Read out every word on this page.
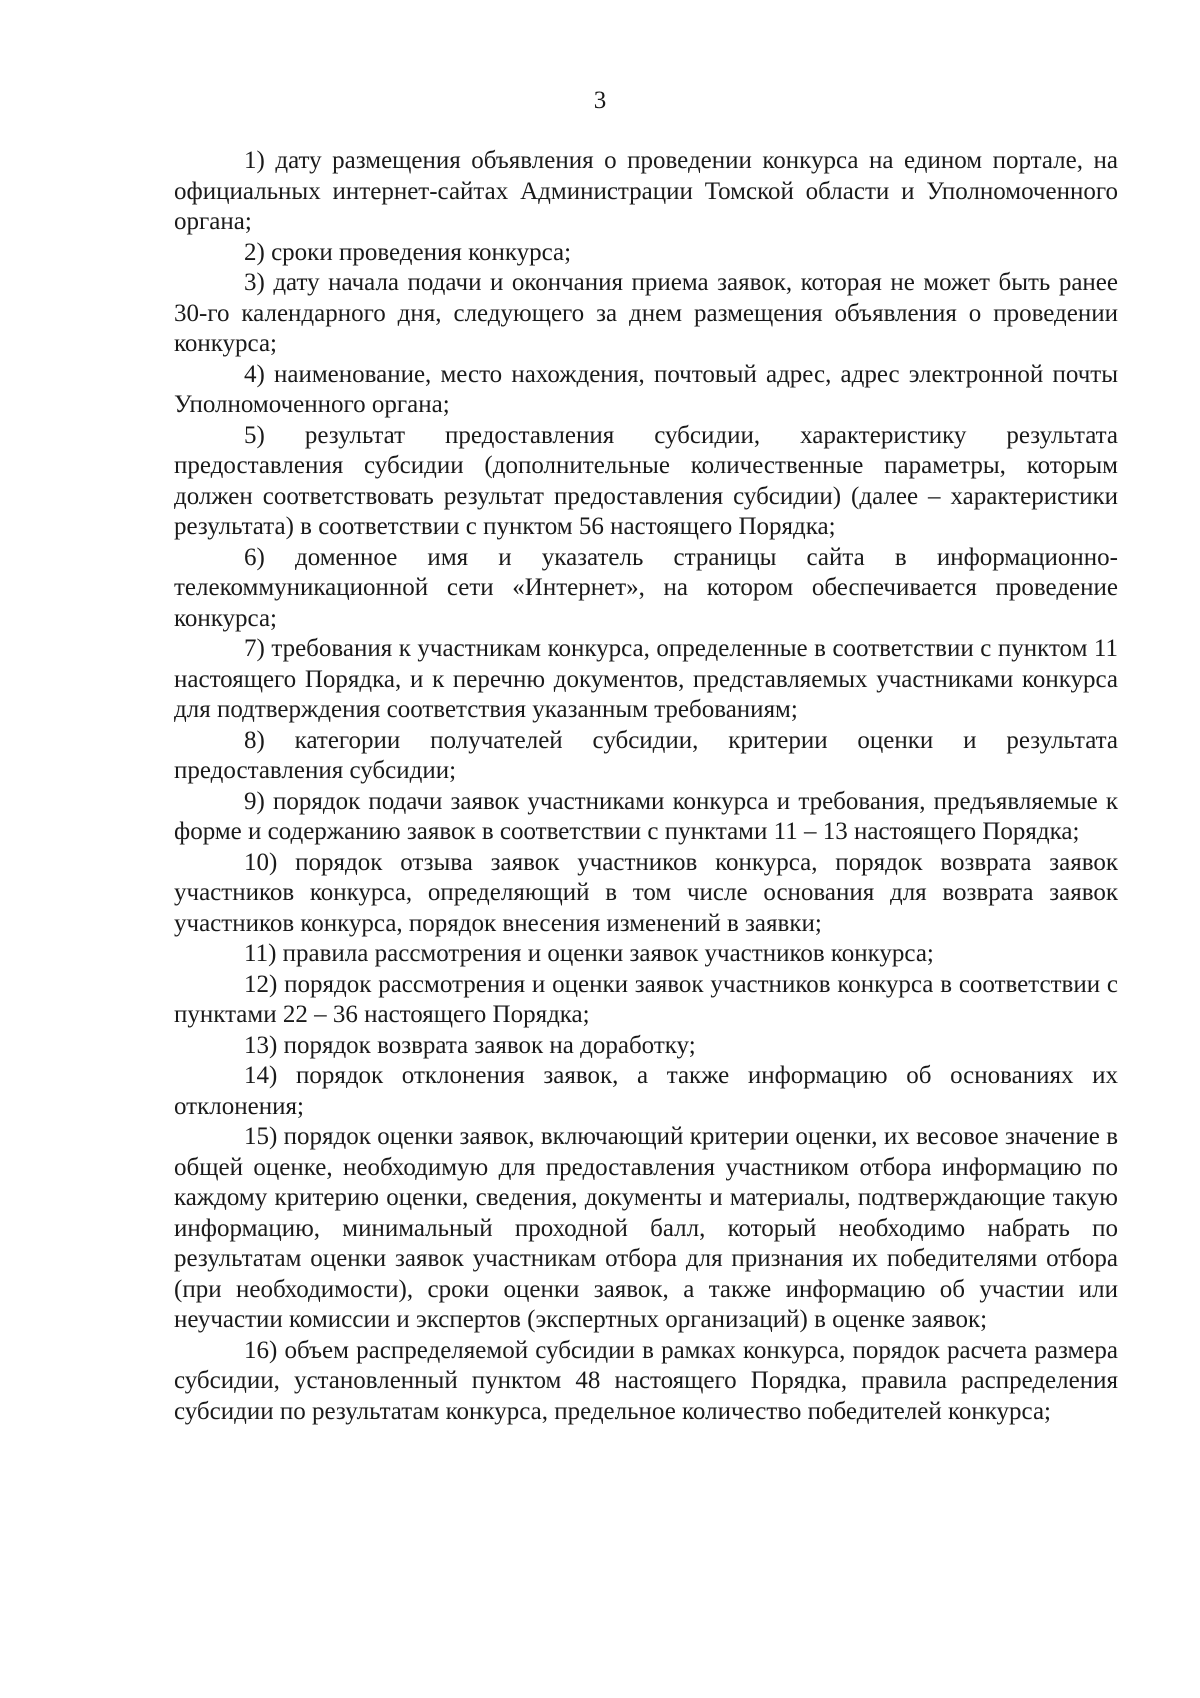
3

1) дату размещения объявления о проведении конкурса на едином портале, на официальных интернет-сайтах Администрации Томской области и Уполномоченного органа;

2) сроки проведения конкурса;

3) дату начала подачи и окончания приема заявок, которая не может быть ранее 30-го календарного дня, следующего за днем размещения объявления о проведении конкурса;

4) наименование, место нахождения, почтовый адрес, адрес электронной почты Уполномоченного органа;

5) результат предоставления субсидии, характеристику результата предоставления субсидии (дополнительные количественные параметры, которым должен соответствовать результат предоставления субсидии) (далее – характеристики результата) в соответствии с пунктом 56 настоящего Порядка;

6) доменное имя и указатель страницы сайта в информационно-телекоммуникационной сети «Интернет», на котором обеспечивается проведение конкурса;

7) требования к участникам конкурса, определенные в соответствии с пунктом 11 настоящего Порядка, и к перечню документов, представляемых участниками конкурса для подтверждения соответствия указанным требованиям;

8) категории получателей субсидии, критерии оценки и результата предоставления субсидии;

9) порядок подачи заявок участниками конкурса и требования, предъявляемые к форме и содержанию заявок в соответствии с пунктами 11 – 13 настоящего Порядка;

10) порядок отзыва заявок участников конкурса, порядок возврата заявок участников конкурса, определяющий в том числе основания для возврата заявок участников конкурса, порядок внесения изменений в заявки;

11) правила рассмотрения и оценки заявок участников конкурса;

12) порядок рассмотрения и оценки заявок участников конкурса в соответствии с пунктами 22 – 36 настоящего Порядка;

13) порядок возврата заявок на доработку;

14) порядок отклонения заявок, а также информацию об основаниях их отклонения;

15) порядок оценки заявок, включающий критерии оценки, их весовое значение в общей оценке, необходимую для предоставления участником отбора информацию по каждому критерию оценки, сведения, документы и материалы, подтверждающие такую информацию, минимальный проходной балл, который необходимо набрать по результатам оценки заявок участникам отбора для признания их победителями отбора (при необходимости), сроки оценки заявок, а также информацию об участии или неучастии комиссии и экспертов (экспертных организаций) в оценке заявок;

16) объем распределяемой субсидии в рамках конкурса, порядок расчета размера субсидии, установленный пунктом 48 настоящего Порядка, правила распределения субсидии по результатам конкурса, предельное количество победителей конкурса;
